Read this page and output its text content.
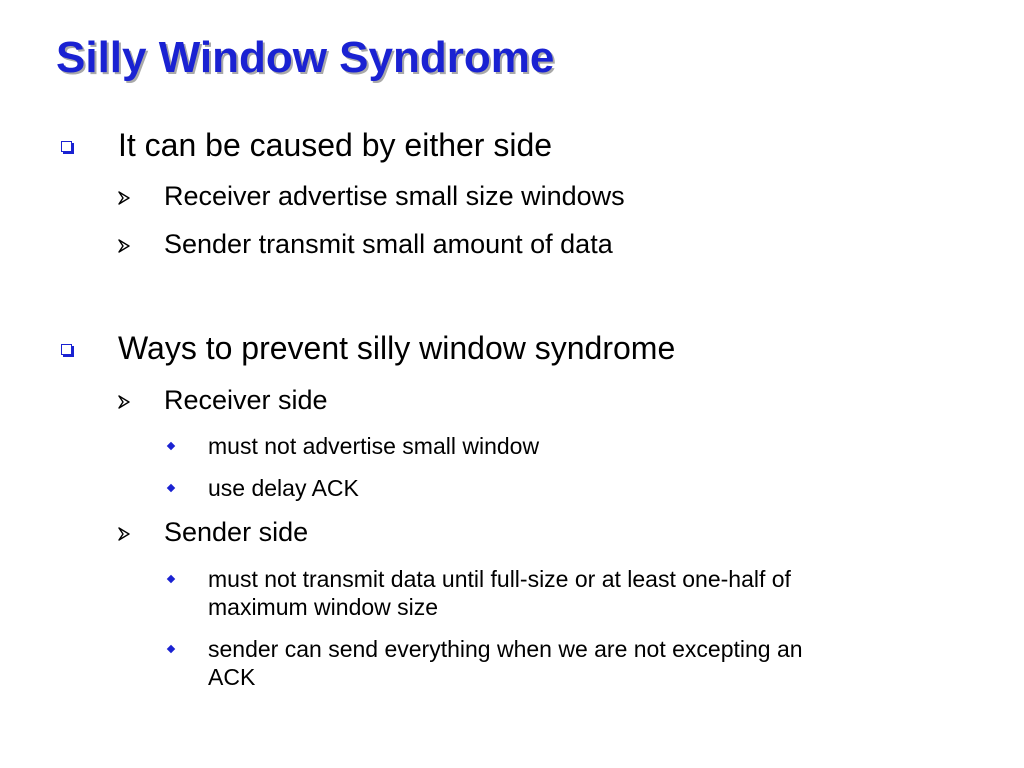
Silly Window Syndrome
It can be caused by either side
Receiver advertise small size windows
Sender transmit small amount of data
Ways to prevent silly window syndrome
Receiver side
must not advertise small window
use delay ACK
Sender side
must not transmit data until full-size or at least one-half of
maximum window size
sender can send everything when we are not excepting an
ACK
